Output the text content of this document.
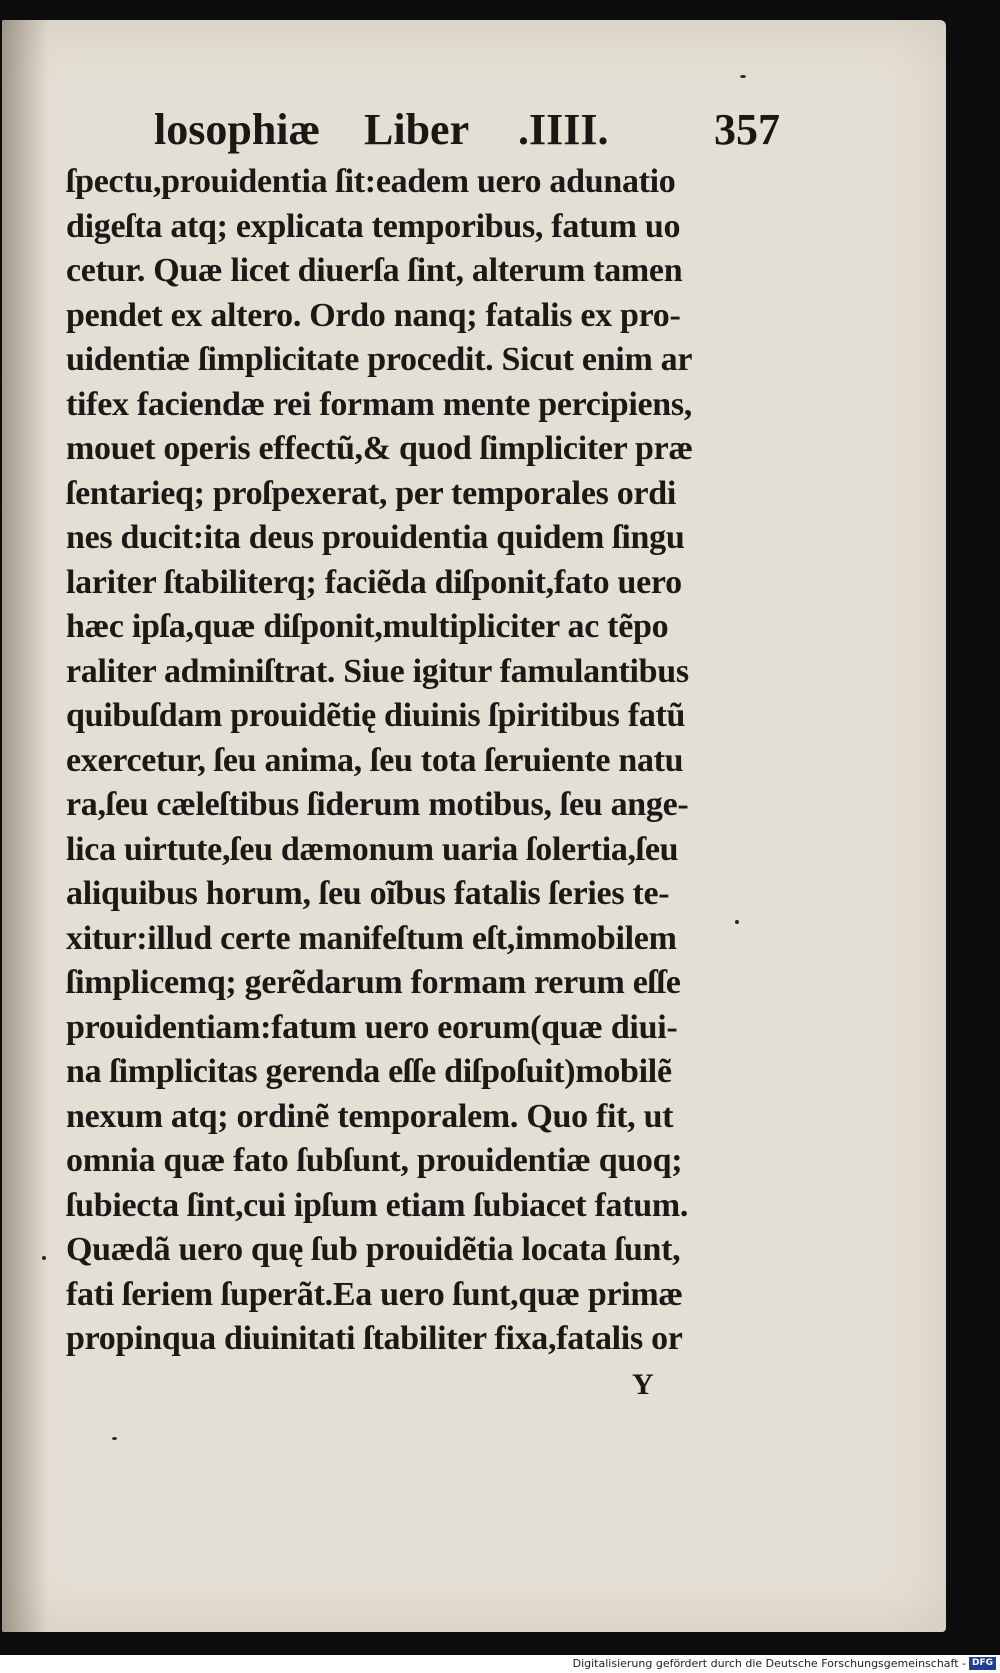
losophiæ Liber .IIII. 357
ſpectu,prouidentia ſit:eadem uero adunatio
digeſta atq; explicata temporibus, fatum uo
cetur. Quæ licet diuerſa ſint, alterum tamen
pendet ex altero. Ordo nanq; fatalis ex pro-
uidentiæ ſimplicitate procedit. Sicut enim ar
tifex faciendæ rei formam mente percipiens,
mouet operis effectũ,& quod ſimpliciter præ
ſentarieq; proſpexerat, per temporales ordi
nes ducit:ita deus prouidentia quidem ſingu
lariter ſtabiliterq; faciẽda diſponit,fato uero
hæc ipſa,quæ diſponit,multipliciter ac tẽpo
raliter adminiſtrat. Siue igitur famulantibus
quibuſdam prouidẽtię diuinis ſpiritibus fatũ
exercetur, ſeu anima, ſeu tota ſeruiente natu
ra,ſeu cæleſtibus ſiderum motibus, ſeu ange-
lica uirtute,ſeu dæmonum uaria ſolertia,ſeu
aliquibus horum, ſeu oĩbus fatalis ſeries te-
xitur:illud certe manifeſtum eſt,immobilem
ſimplicemq; gerẽdarum formam rerum eſſe
prouidentiam:fatum uero eorum(quæ diui-
na ſimplicitas gerenda eſſe diſpoſuit)mobilẽ
nexum atq; ordinẽ temporalem. Quo fit, ut
omnia quæ fato ſubſunt, prouidentiæ quoq;
ſubiecta ſint,cui ipſum etiam ſubiacet fatum.
Quædã uero quę ſub prouidẽtia locata ſunt,
fati ſeriem ſuperãt.Ea uero ſunt,quæ primæ
propinqua diuinitati ſtabiliter fixa,fatalis or
Y
Digitalisierung gefördert durch die Deutsche Forschungsgemeinschaft - DFG
